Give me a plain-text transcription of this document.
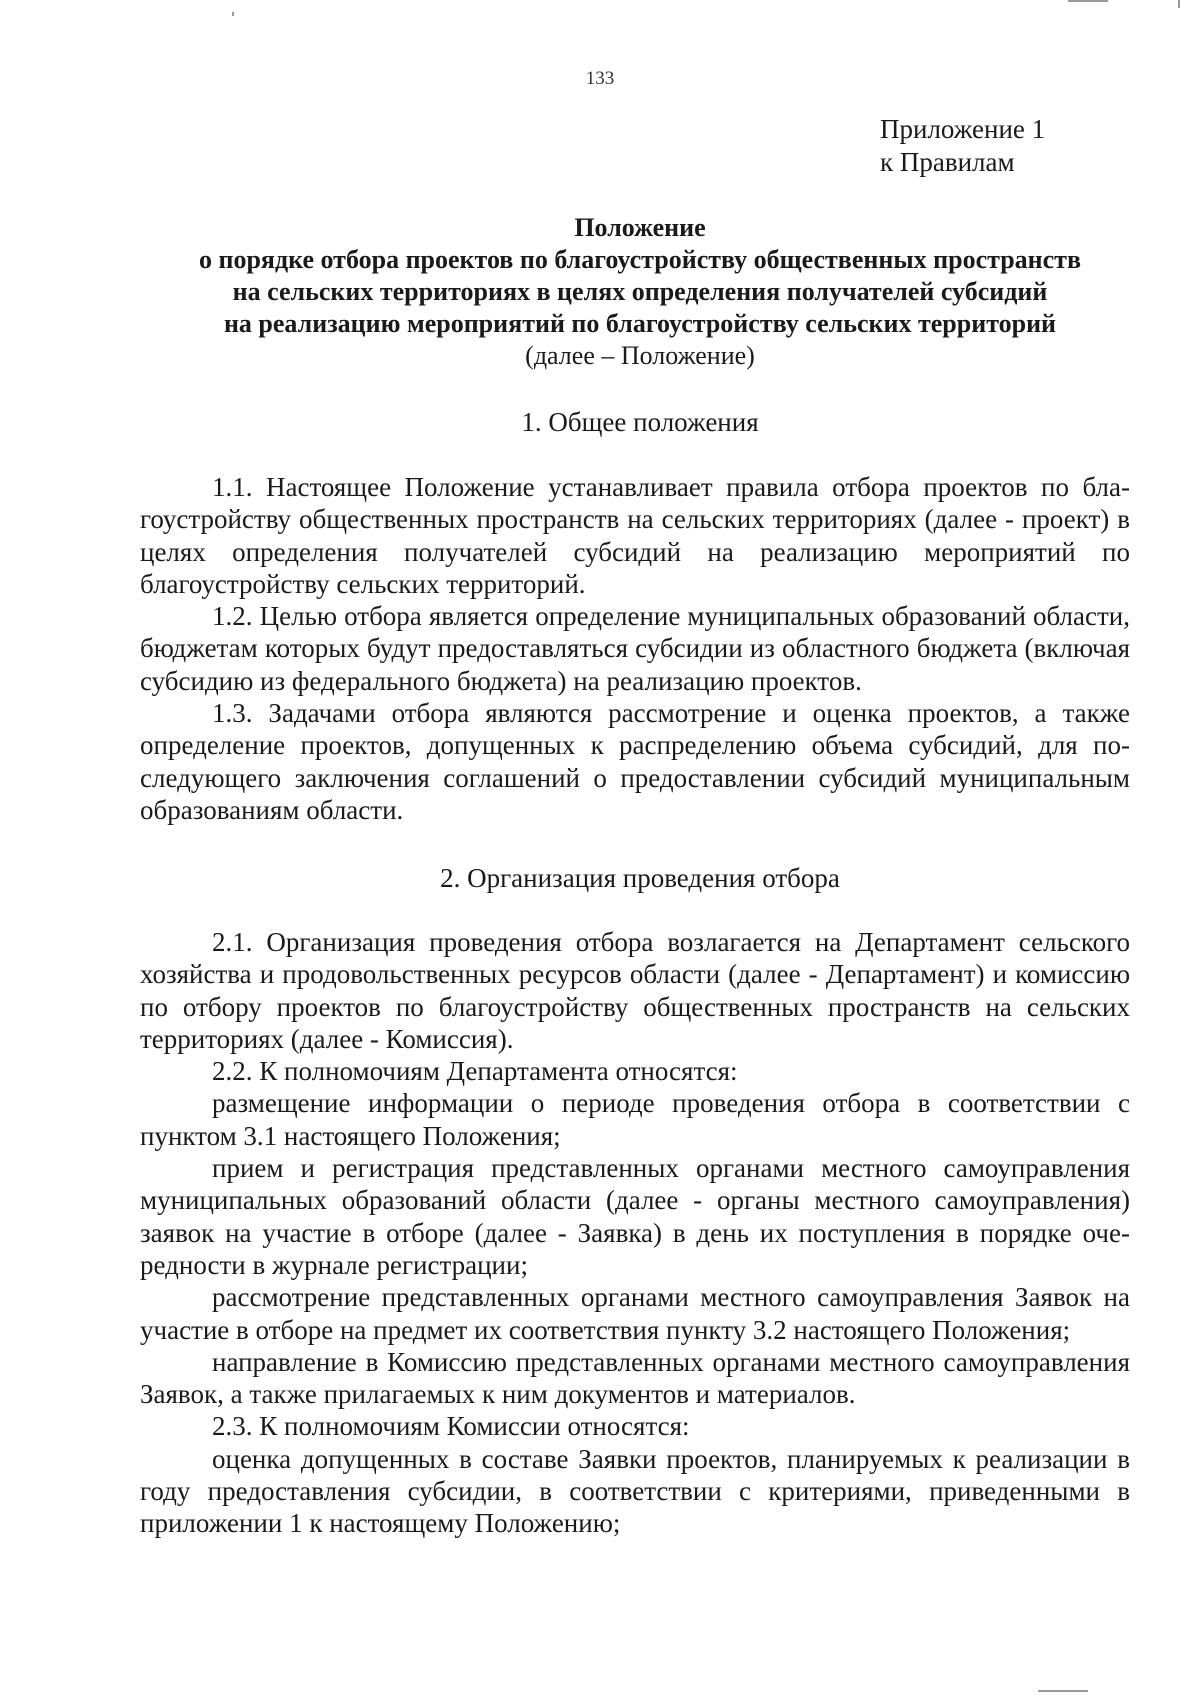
133
Приложение 1
к Правилам
Положение
о порядке отбора проектов по благоустройству общественных пространств
на сельских территориях в целях определения получателей субсидий
на реализацию мероприятий по благоустройству сельских территорий
(далее – Положение)
1. Общее положения

1.1. Настоящее Положение устанавливает правила отбора проектов по благоустройству общественных пространств на сельских территориях (далее - проект) в целях определения получателей субсидий на реализацию мероприятий по благоустройству сельских территорий.

1.2. Целью отбора является определение муниципальных образований области, бюджетам которых будут предоставляться субсидии из областного бюджета (включая субсидию из федерального бюджета) на реализацию проектов.

1.3. Задачами отбора являются рассмотрение и оценка проектов, а также определение проектов, допущенных к распределению объема субсидий, для последующего заключения соглашений о предоставлении субсидий муниципальным образованиям области.

2. Организация проведения отбора

2.1. Организация проведения отбора возлагается на Департамент сельского хозяйства и продовольственных ресурсов области (далее - Департамент) и комиссию по отбору проектов по благоустройству общественных пространств на сельских территориях (далее - Комиссия).

2.2. К полномочиям Департамента относятся:

размещение информации о периоде проведения отбора в соответствии с пунктом 3.1 настоящего Положения;

прием и регистрация представленных органами местного самоуправления муниципальных образований области (далее - органы местного самоуправления) заявок на участие в отборе (далее - Заявка) в день их поступления в порядке очередности в журнале регистрации;

рассмотрение представленных органами местного самоуправления Заявок на участие в отборе на предмет их соответствия пункту 3.2 настоящего Положения;

направление в Комиссию представленных органами местного самоуправления Заявок, а также прилагаемых к ним документов и материалов.

2.3. К полномочиям Комиссии относятся:

оценка допущенных в составе Заявки проектов, планируемых к реализации в году предоставления субсидии, в соответствии с критериями, приведенными в приложении 1 к настоящему Положению;
